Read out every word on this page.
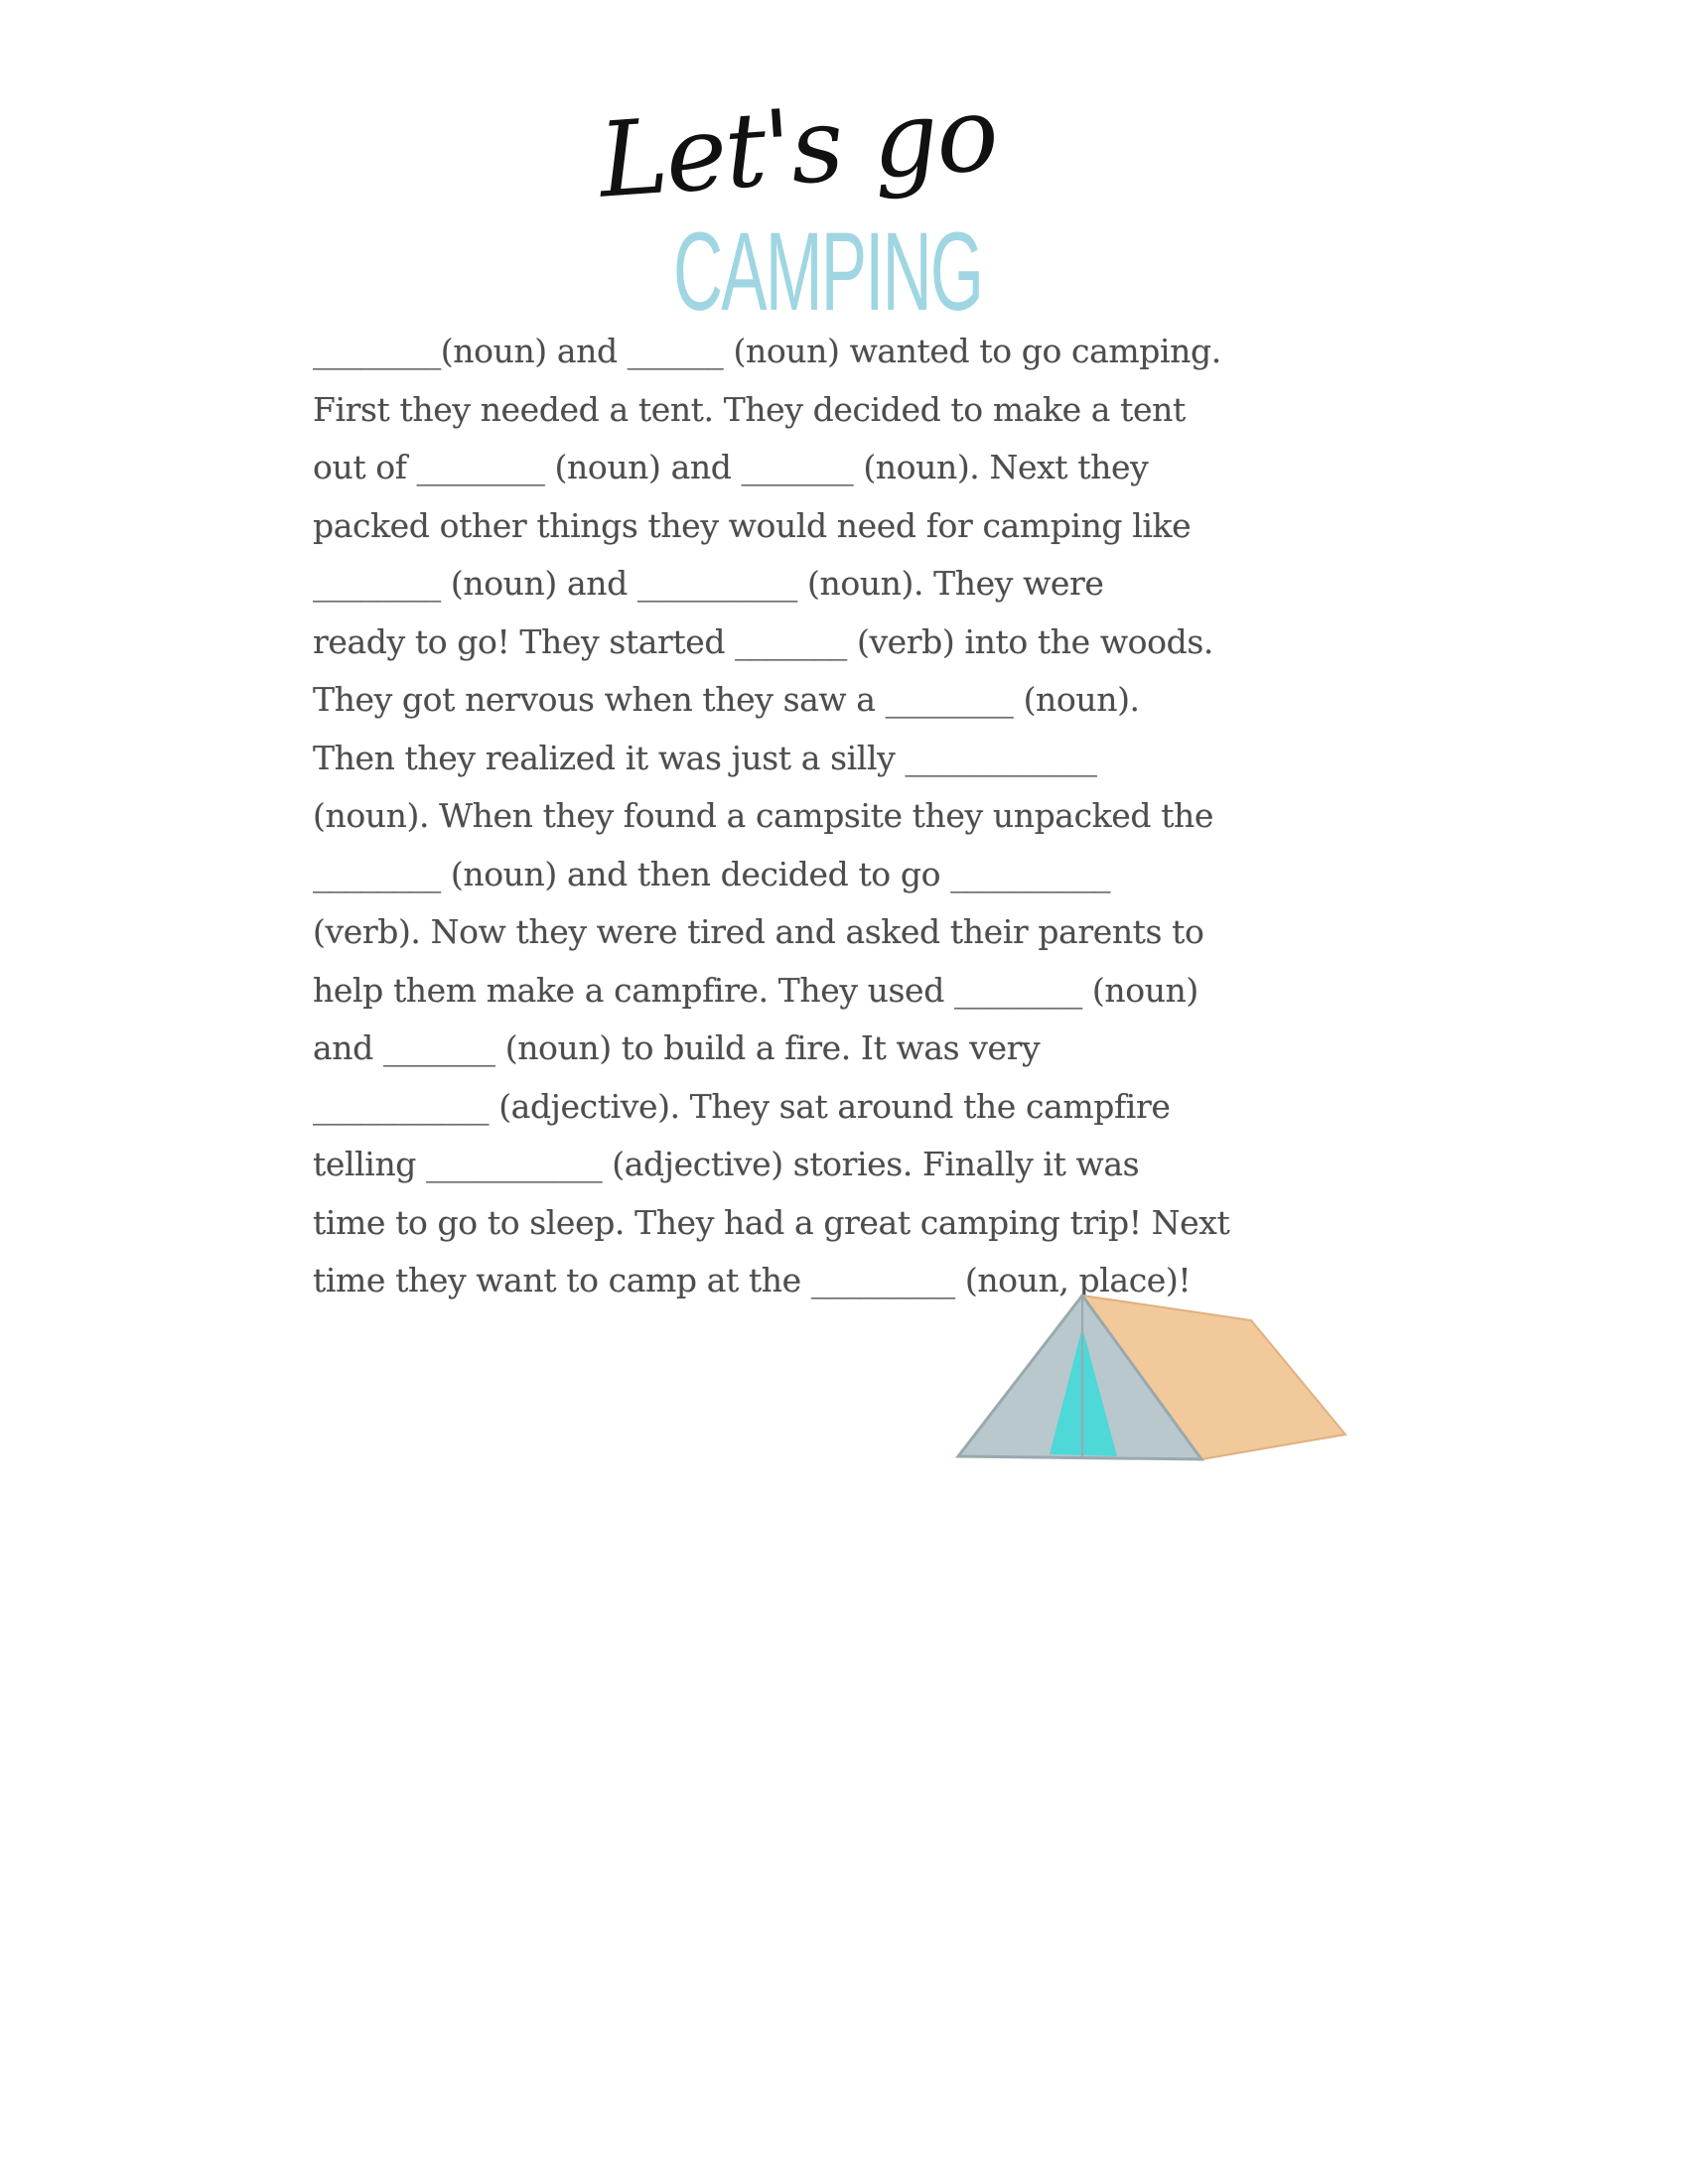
Let's go
CAMPING
________(noun) and ______ (noun) wanted to go camping.
First they needed a tent. They decided to make a tent
out of ________ (noun) and _______ (noun). Next they
packed other things they would need for camping like
________ (noun) and __________ (noun). They were
ready to go! They started _______ (verb) into the woods.
They got nervous when they saw a ________ (noun).
Then they realized it was just a silly ____________
(noun). When they found a campsite they unpacked the
________ (noun) and then decided to go __________
(verb). Now they were tired and asked their parents to
help them make a campfire. They used ________ (noun)
and _______ (noun) to build a fire. It was very
___________ (adjective). They sat around the campfire
telling ___________ (adjective) stories. Finally it was
time to go to sleep. They had a great camping trip! Next
time they want to camp at the _________ (noun, place)!
